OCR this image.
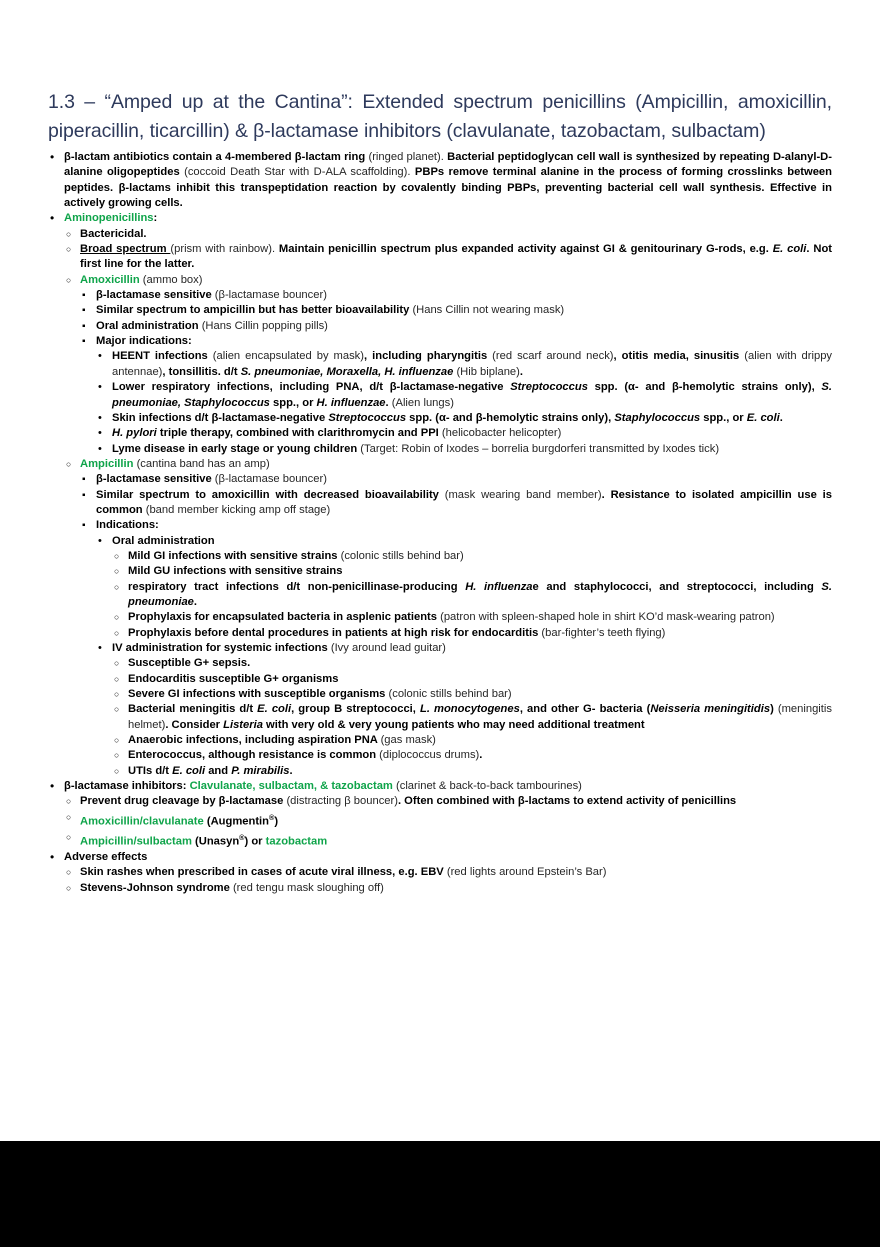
1.3 – “Amped up at the Cantina”: Extended spectrum penicillins (Ampicillin, amoxicillin, piperacillin, ticarcillin) & β-lactamase inhibitors (clavulanate, tazobactam, sulbactam)
•
β-lactam antibiotics contain a 4-membered β-lactam ring (ringed planet). Bacterial peptidoglycan cell wall is synthesized by repeating D-alanyl-D-alanine oligopeptides (coccoid Death Star with D-ALA scaffolding). PBPs remove terminal alanine in the process of forming crosslinks between peptides. β-lactams inhibit this transpeptidation reaction by covalently binding PBPs, preventing bacterial cell wall synthesis. Effective in actively growing cells.
•
Aminopenicillins:
○
Bactericidal.
○
Broad spectrum (prism with rainbow). Maintain penicillin spectrum plus expanded activity against GI & genitourinary G-rods, e.g. E. coli. Not first line for the latter.
○
Amoxicillin (ammo box)
▪
β-lactamase sensitive (β-lactamase bouncer)
▪
Similar spectrum to ampicillin but has better bioavailability (Hans Cillin not wearing mask)
▪
Oral administration (Hans Cillin popping pills)
▪
Major indications:
•
HEENT infections (alien encapsulated by mask), including pharyngitis (red scarf around neck), otitis media, sinusitis (alien with drippy antennae), tonsillitis. d/t S. pneumoniae, Moraxella, H. influenzae (Hib biplane).
•
Lower respiratory infections, including PNA, d/t β-lactamase-negative Streptococcus spp. (α- and β-hemolytic strains only), S. pneumoniae, Staphylococcus spp., or H. influenzae. (Alien lungs)
•
Skin infections d/t β-lactamase-negative Streptococcus spp. (α- and β-hemolytic strains only), Staphylococcus spp., or E. coli.
•
H. pylori triple therapy, combined with clarithromycin and PPI (helicobacter helicopter)
•
Lyme disease in early stage or young children (Target: Robin of Ixodes – borrelia burgdorferi transmitted by Ixodes tick)
○
Ampicillin (cantina band has an amp)
▪
β-lactamase sensitive (β-lactamase bouncer)
▪
Similar spectrum to amoxicillin with decreased bioavailability (mask wearing band member). Resistance to isolated ampicillin use is common (band member kicking amp off stage)
▪
Indications:
•
Oral administration
○
Mild GI infections with sensitive strains (colonic stills behind bar)
○
Mild GU infections with sensitive strains
○
respiratory tract infections d/t non-penicillinase-producing H. influenzae and staphylococci, and streptococci, including S. pneumoniae.
○
Prophylaxis for encapsulated bacteria in asplenic patients (patron with spleen-shaped hole in shirt KO’d mask-wearing patron)
○
Prophylaxis before dental procedures in patients at high risk for endocarditis (bar-fighter’s teeth flying)
•
IV administration for systemic infections (Ivy around lead guitar)
○
Susceptible G+ sepsis.
○
Endocarditis susceptible G+ organisms
○
Severe GI infections with susceptible organisms (colonic stills behind bar)
○
Bacterial meningitis d/t E. coli, group B streptococci, L. monocytogenes, and other G- bacteria (Neisseria meningitidis) (meningitis helmet). Consider Listeria with very old & very young patients who may need additional treatment
○
Anaerobic infections, including aspiration PNA (gas mask)
○
Enterococcus, although resistance is common (diplococcus drums).
○
UTIs d/t E. coli and P. mirabilis.
•
β-lactamase inhibitors: Clavulanate, sulbactam, & tazobactam (clarinet & back-to-back tambourines)
○
Prevent drug cleavage by β-lactamase (distracting β bouncer). Often combined with β-lactams to extend activity of penicillins
○
Amoxicillin/clavulanate (Augmentin®)
○
Ampicillin/sulbactam (Unasyn®) or tazobactam
•
Adverse effects
○
Skin rashes when prescribed in cases of acute viral illness, e.g. EBV (red lights around Epstein’s Bar)
○
Stevens-Johnson syndrome (red tengu mask sloughing off)
